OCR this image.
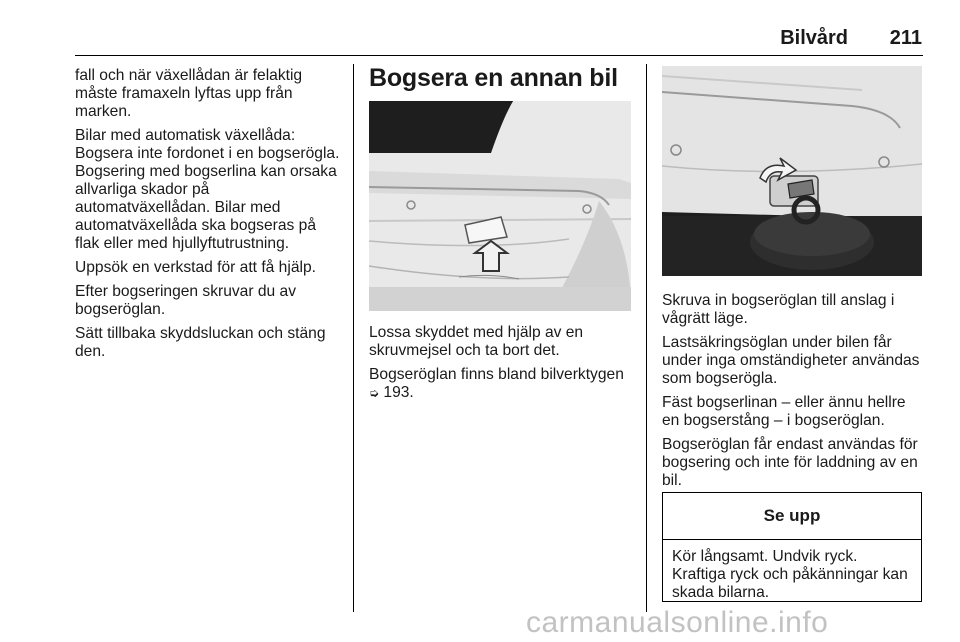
Bilvård 211

fall och när växellådan är felaktig måste framaxeln lyftas upp från marken.

Bilar med automatisk växellåda: Bogsera inte fordonet i en bogserögla. Bogsering med bogserlina kan orsaka allvarliga skador på automatväxellådan. Bilar med automatväxellåda ska bogseras på flak eller med hjullyftutrustning.

Uppsök en verkstad för att få hjälp.

Efter bogseringen skruvar du av bogseröglan.

Sätt tillbaka skyddsluckan och stäng den.

Bogsera en annan bil

Lossa skyddet med hjälp av en skruvmejsel och ta bort det.

Bogseröglan finns bland bilverktygen
➭ 193.

Skruva in bogseröglan till anslag i vågrätt läge.

Lastsäkringsöglan under bilen får under inga omständigheter användas som bogserögla.

Fäst bogserlinan – eller ännu hellre en bogserstång – i bogseröglan.

Bogseröglan får endast användas för bogsering och inte för laddning av en bil.

Se upp
Kör långsamt. Undvik ryck. Kraftiga ryck och påkänningar kan skada bilarna.
carmanualsonline.info
